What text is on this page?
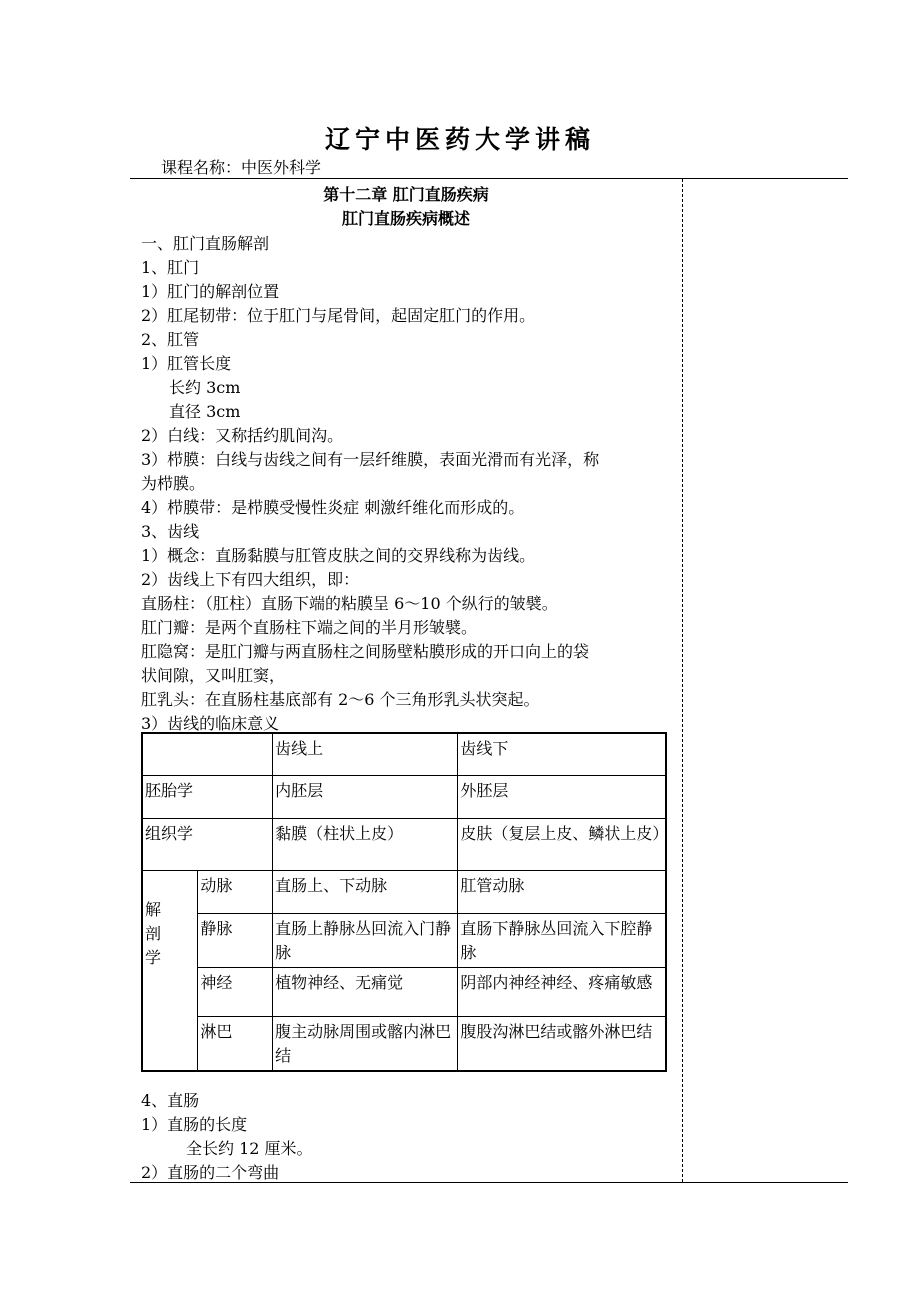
辽宁中医药大学讲稿
课程名称：中医外科学
第十二章 肛门直肠疾病
肛门直肠疾病概述
一、肛门直肠解剖
1、肛门
1）肛门的解剖位置
2）肛尾韧带：位于肛门与尾骨间，起固定肛门的作用。
2、肛管
1）肛管长度
长约 3cm
直径 3cm
2）白线：又称括约肌间沟。
3）栉膜：白线与齿线之间有一层纤维膜，表面光滑而有光泽，称
为栉膜。
4）栉膜带：是栉膜受慢性炎症 刺激纤维化而形成的。
3、齿线
1）概念：直肠黏膜与肛管皮肤之间的交界线称为齿线。
2）齿线上下有四大组织，即：
直肠柱：（肛柱）直肠下端的粘膜呈 6～10 个纵行的皱襞。
肛门瓣：是两个直肠柱下端之间的半月形皱襞。
肛隐窝：是肛门瓣与两直肠柱之间肠壁粘膜形成的开口向上的袋
状间隙，又叫肛窦，
肛乳头：在直肠柱基底部有 2～6 个三角形乳头状突起。
3）齿线的临床意义
		齿线上	齿线下
胚胎学		内胚层	外胚层
组织学		黏膜（柱状上皮）	皮肤（复层上皮、鳞状上皮）

解
剖
学	动脉	直肠上、下动脉	肛管动脉
	静脉	直肠上静脉丛回流入门静脉	直肠下静脉丛回流入下腔静脉
	神经	植物神经、无痛觉	阴部内神经神经、疼痛敏感
	淋巴	腹主动脉周围或髂内淋巴结	腹股沟淋巴结或髂外淋巴结
4、直肠
1）直肠的长度
全长约 12 厘米。
2）直肠的二个弯曲
